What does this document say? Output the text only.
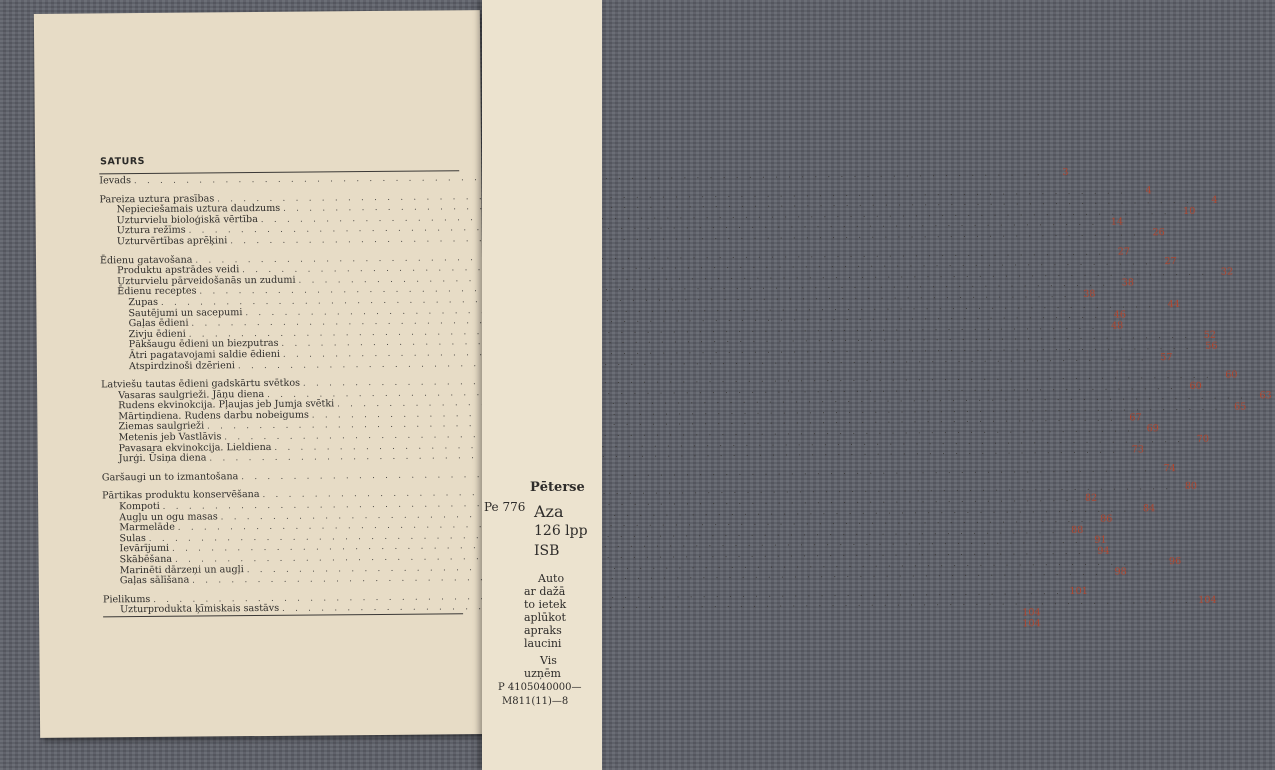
SATURS
Ievads
. . .
3
Pareiza uztura prasības
. . .
4
Nepieciešamais uztura daudzums
. . .
4
Uzturvielu bioloģiskā vērtība
. . .
10
Uztura režīms
. . .
14
Uzturvērtības aprēķini
. . .
26
Ēdienu gatavošana
. . .
27
Produktu apstrādes veidi
. . .
27
Uzturvielu pārveidošanās un zudumi
. . .
32
Ēdienu receptes
. . .
38
Zupas
. . .
38
Sautējumi un sacepumi
. . .
44
Gaļas ēdieni
. . .
46
Zivju ēdieni
. . .
48
Pākšaugu ēdieni un biezputras
. . .
52
Ātri pagatavojami saldie ēdieni
. . .
56
Atspirdzinoši dzērieni
. . .
57
Latviešu tautas ēdieni gadskārtu svētkos
. . .
60
Vasaras saulgrieži. Jāņu diena
. . .
60
Rudens ekvinokcija. Pļaujas jeb Jumja svētki
. . .
63
Mārtiņdiena. Rudens darbu nobeigums
. . .
65
Ziemas saulgrieži
. . .
67
Metenis jeb Vastlāvis
. . .
69
Pavasara ekvinokcija. Lieldiena
. . .
70
Jurģi. Ūsiņa diena
. . .
73
Garšaugi un to izmantošana
. . .
74
Pārtikas produktu konservēšana
. . .
80
Kompoti
. . .
82
Augļu un ogu masas
. . .
84
Marmelāde
. . .
86
Sulas
. . .
88
Ievārījumi
. . .
91
Skābēšana
. . .
94
Marinēti dārzeņi un augļi
. . .
96
Gaļas sālīšana
. . .
98
Pielikums
. . .
101
Uzturprodukta ķīmiskais sastāvs
. . .
104
104
104
Pēterse
Pe 776 Aza
126 lpp
ISB
Auto
ar dažā
to ietek
aplūkot
apraks
laucini
Vis
uzņēm
P 4105040000—
M811(11)—8
